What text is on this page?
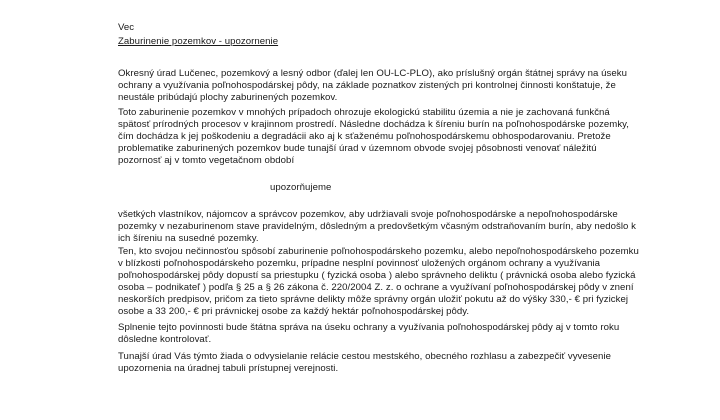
Vec
Zaburinenie pozemkov - upozornenie
Okresný úrad Lučenec, pozemkový a lesný odbor (ďalej len OU-LC-PLO), ako príslušný orgán štátnej správy na úseku
ochrany a využívania poľnohospodárskej pôdy, na základe poznatkov zistených pri kontrolnej činnosti konštatuje, že
neustále pribúdajú plochy zaburinených pozemkov.
Toto zaburinenie pozemkov v mnohých prípadoch ohrozuje ekologickú stabilitu územia a nie je zachovaná funkčná
spätosť prírodných procesov v krajinnom prostredí. Následne dochádza k šíreniu burín na poľnohospodárske pozemky,
čím dochádza k jej poškodeniu a degradácii ako aj k sťaženému poľnohospodárskemu obhospodarovaniu. Pretože
problematike zaburinených pozemkov bude tunajší úrad v územnom obvode svojej pôsobnosti venovať náležitú
pozornosť aj v tomto vegetačnom období
upozorňujeme
všetkých vlastníkov, nájomcov a správcov pozemkov, aby udržiavali svoje poľnohospodárske a nepoľnohospodárske
pozemky v nezaburinenom stave pravidelným, dôsledným a predovšetkým včasným odstraňovaním burín, aby nedošlo k
ich šíreniu na susedné pozemky.
Ten, kto svojou nečinnosťou spôsobí zaburinenie poľnohospodárskeho pozemku, alebo nepoľnohospodárskeho pozemku
v blízkosti poľnohospodárskeho pozemku, prípadne nesplní povinnosť uložených orgánom ochrany a využívania
poľnohospodárskej pôdy dopustí sa priestupku ( fyzická osoba ) alebo správneho deliktu ( právnická osoba alebo fyzická
osoba – podnikateľ ) podľa § 25 a § 26 zákona č. 220/2004 Z. z. o ochrane a využívaní poľnohospodárskej pôdy v znení
neskorších predpisov, pričom za tieto správne delikty môže správny orgán uložiť pokutu až do výšky 330,- € pri fyzickej
osobe a 33 200,- € pri právnickej osobe za každý hektár poľnohospodárskej pôdy.
Splnenie tejto povinnosti bude štátna správa na úseku ochrany a využívania poľnohospodárskej pôdy aj v tomto roku
dôsledne kontrolovať.
Tunajší úrad Vás týmto žiada o odvysielanie relácie cestou mestského, obecného rozhlasu a zabezpečiť vyvesenie
upozornenia na úradnej tabuli prístupnej verejnosti.
